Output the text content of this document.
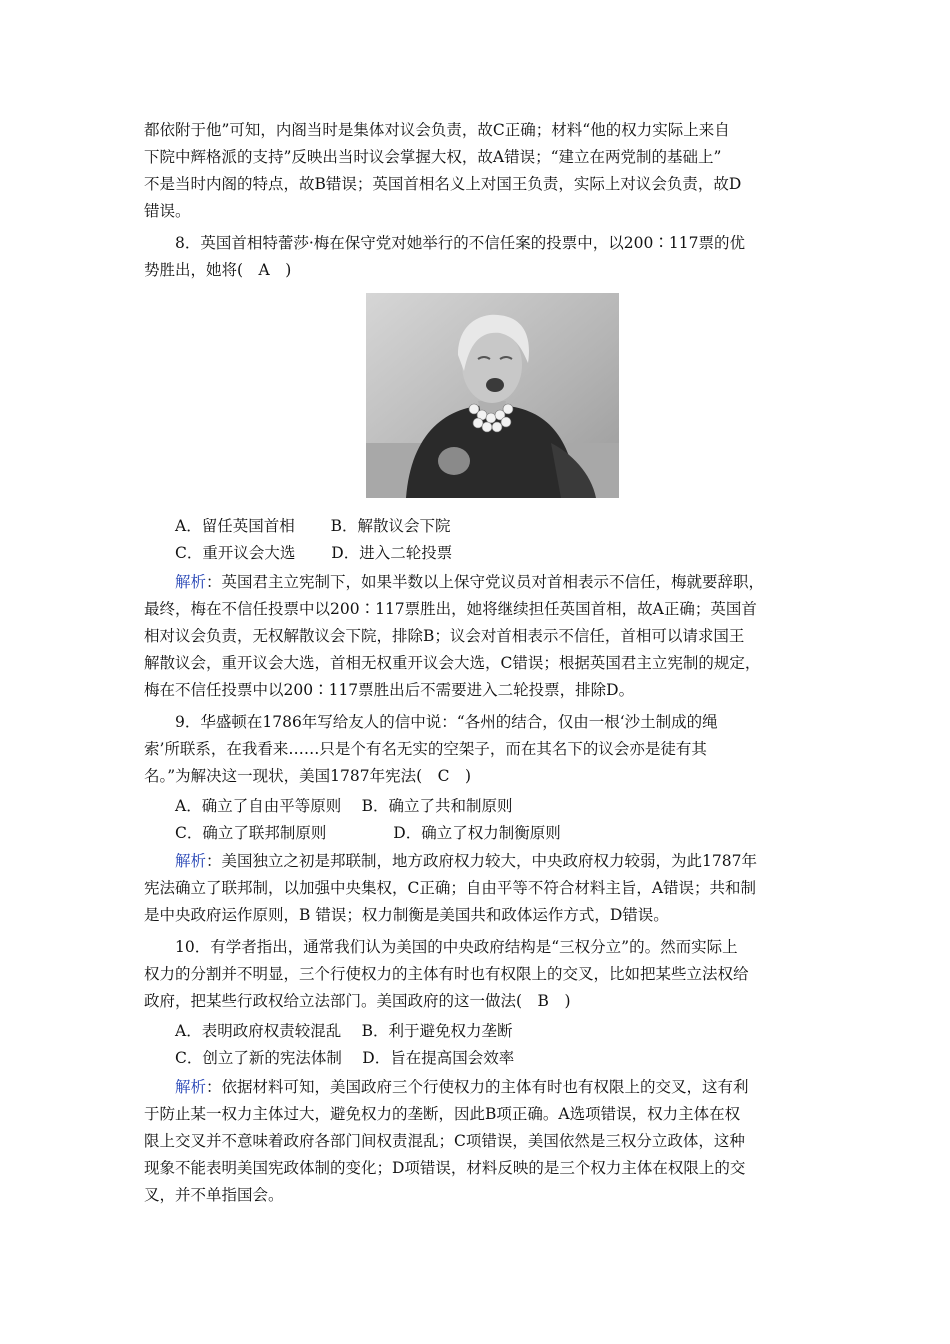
都依附于他”可知，内阁当时是集体对议会负责，故C正确；材料“他的权力实际上来自
下院中辉格派的支持”反映出当时议会掌握大权，故A错误；“建立在两党制的基础上”
不是当时内阁的特点，故B错误；英国首相名义上对国王负责，实际上对议会负责，故D
错误。
8．英国首相特蕾莎·梅在保守党对她举行的不信任案的投票中，以200∶117票的优
势胜出，她将(　A　)
A．留任英国首相　　 B．解散议会下院
C．重开议会大选　　 D．进入二轮投票
解析：英国君主立宪制下，如果半数以上保守党议员对首相表示不信任，梅就要辞职，
最终，梅在不信任投票中以200∶117票胜出，她将继续担任英国首相，故A正确；英国首
相对议会负责，无权解散议会下院，排除B；议会对首相表示不信任，首相可以请求国王
解散议会，重开议会大选，首相无权重开议会大选，C错误；根据英国君主立宪制的规定，
梅在不信任投票中以200∶117票胜出后不需要进入二轮投票，排除D。
9．华盛顿在1786年写给友人的信中说：“各州的结合，仅由一根‘沙土制成的绳
索’所联系，在我看来……只是个有名无实的空架子，而在其名下的议会亦是徒有其
名。”为解决这一现状，美国1787年宪法(　C　)
A．确立了自由平等原则　 B．确立了共和制原则
C．确立了联邦制原则　　　　 D．确立了权力制衡原则
解析：美国独立之初是邦联制，地方政府权力较大，中央政府权力较弱，为此1787年
宪法确立了联邦制，以加强中央集权，C正确；自由平等不符合材料主旨，A错误；共和制
是中央政府运作原则，B 错误；权力制衡是美国共和政体运作方式，D错误。
10．有学者指出，通常我们认为美国的中央政府结构是“三权分立”的。然而实际上
权力的分割并不明显，三个行使权力的主体有时也有权限上的交叉，比如把某些立法权给
政府，把某些行政权给立法部门。美国政府的这一做法(　B　)
A．表明政府权责较混乱　 B．利于避免权力垄断
C．创立了新的宪法体制　 D．旨在提高国会效率
解析：依据材料可知，美国政府三个行使权力的主体有时也有权限上的交叉，这有利
于防止某一权力主体过大，避免权力的垄断，因此B项正确。A选项错误，权力主体在权
限上交叉并不意味着政府各部门间权责混乱；C项错误，美国依然是三权分立政体，这种
现象不能表明美国宪政体制的变化；D项错误，材料反映的是三个权力主体在权限上的交
叉，并不单指国会。
